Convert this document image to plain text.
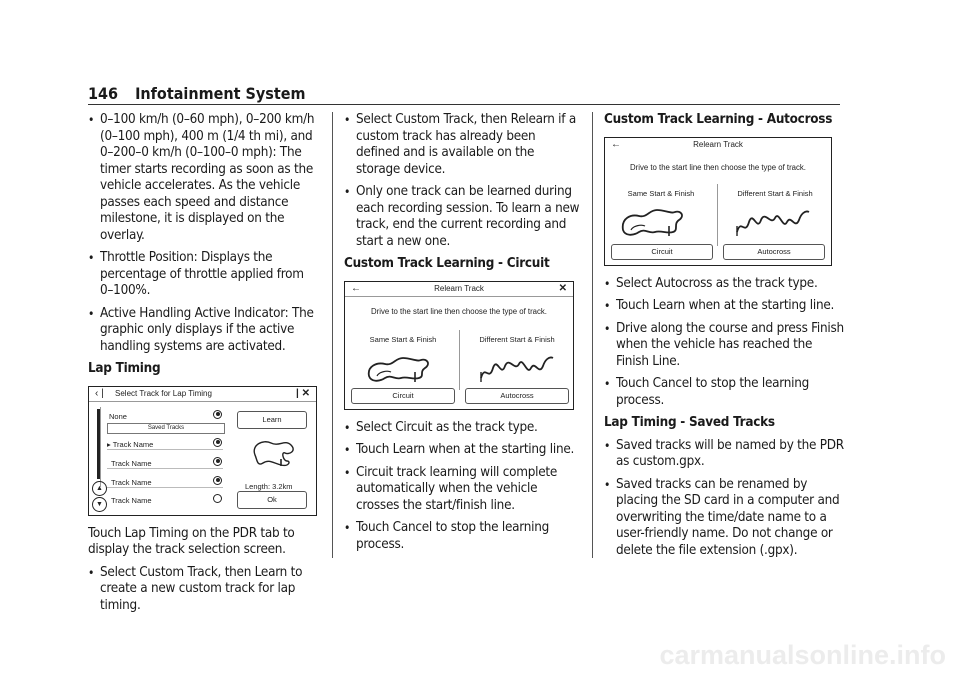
146 Infotainment System

• 0–100 km/h (0–60 mph), 0–200 km/h (0–100 mph), 400 m (1/4 th mi), and 0–200–0 km/h (0–100–0 mph): The timer starts recording as soon as the vehicle accelerates. As the vehicle passes each speed and distance milestone, it is displayed on the overlay.

• Throttle Position: Displays the percentage of throttle applied from 0–100%.

• Active Handling Active Indicator: The graphic only displays if the active handling systems are activated.

Lap Timing

‹ | Select Track for Lap Timing	| ✕
▲
▼
None
Saved Tracks
▸ Track Name
Track Name
Track Name
Track Name
Learn
Length: 3.2km
Ok

Touch Lap Timing on the PDR tab to display the track selection screen.

• Select Custom Track, then Learn to create a new custom track for lap timing.

• Select Custom Track, then Relearn if a custom track has already been defined and is available on the storage device.

• Only one track can be learned during each recording session. To learn a new track, end the current recording and start a new one.

Custom Track Learning - Circuit

←	Relearn Track	✕
Drive to the start line then choose the type of track.
Same Start & Finish	Different Start & Finish
Circuit	Autocross

• Select Circuit as the track type.

• Touch Learn when at the starting line.

• Circuit track learning will complete automatically when the vehicle crosses the start/finish line.

• Touch Cancel to stop the learning process.

Custom Track Learning - Autocross

←	Relearn Track
Drive to the start line then choose the type of track.
Same Start & Finish	Different Start & Finish
Circuit	Autocross

• Select Autocross as the track type.

• Touch Learn when at the starting line.

• Drive along the course and press Finish when the vehicle has reached the Finish Line.

• Touch Cancel to stop the learning process.

Lap Timing - Saved Tracks

• Saved tracks will be named by the PDR as custom.gpx.

• Saved tracks can be renamed by placing the SD card in a computer and overwriting the time/date name to a user-friendly name. Do not change or delete the file extension (.gpx).

carmanualsonline.info
